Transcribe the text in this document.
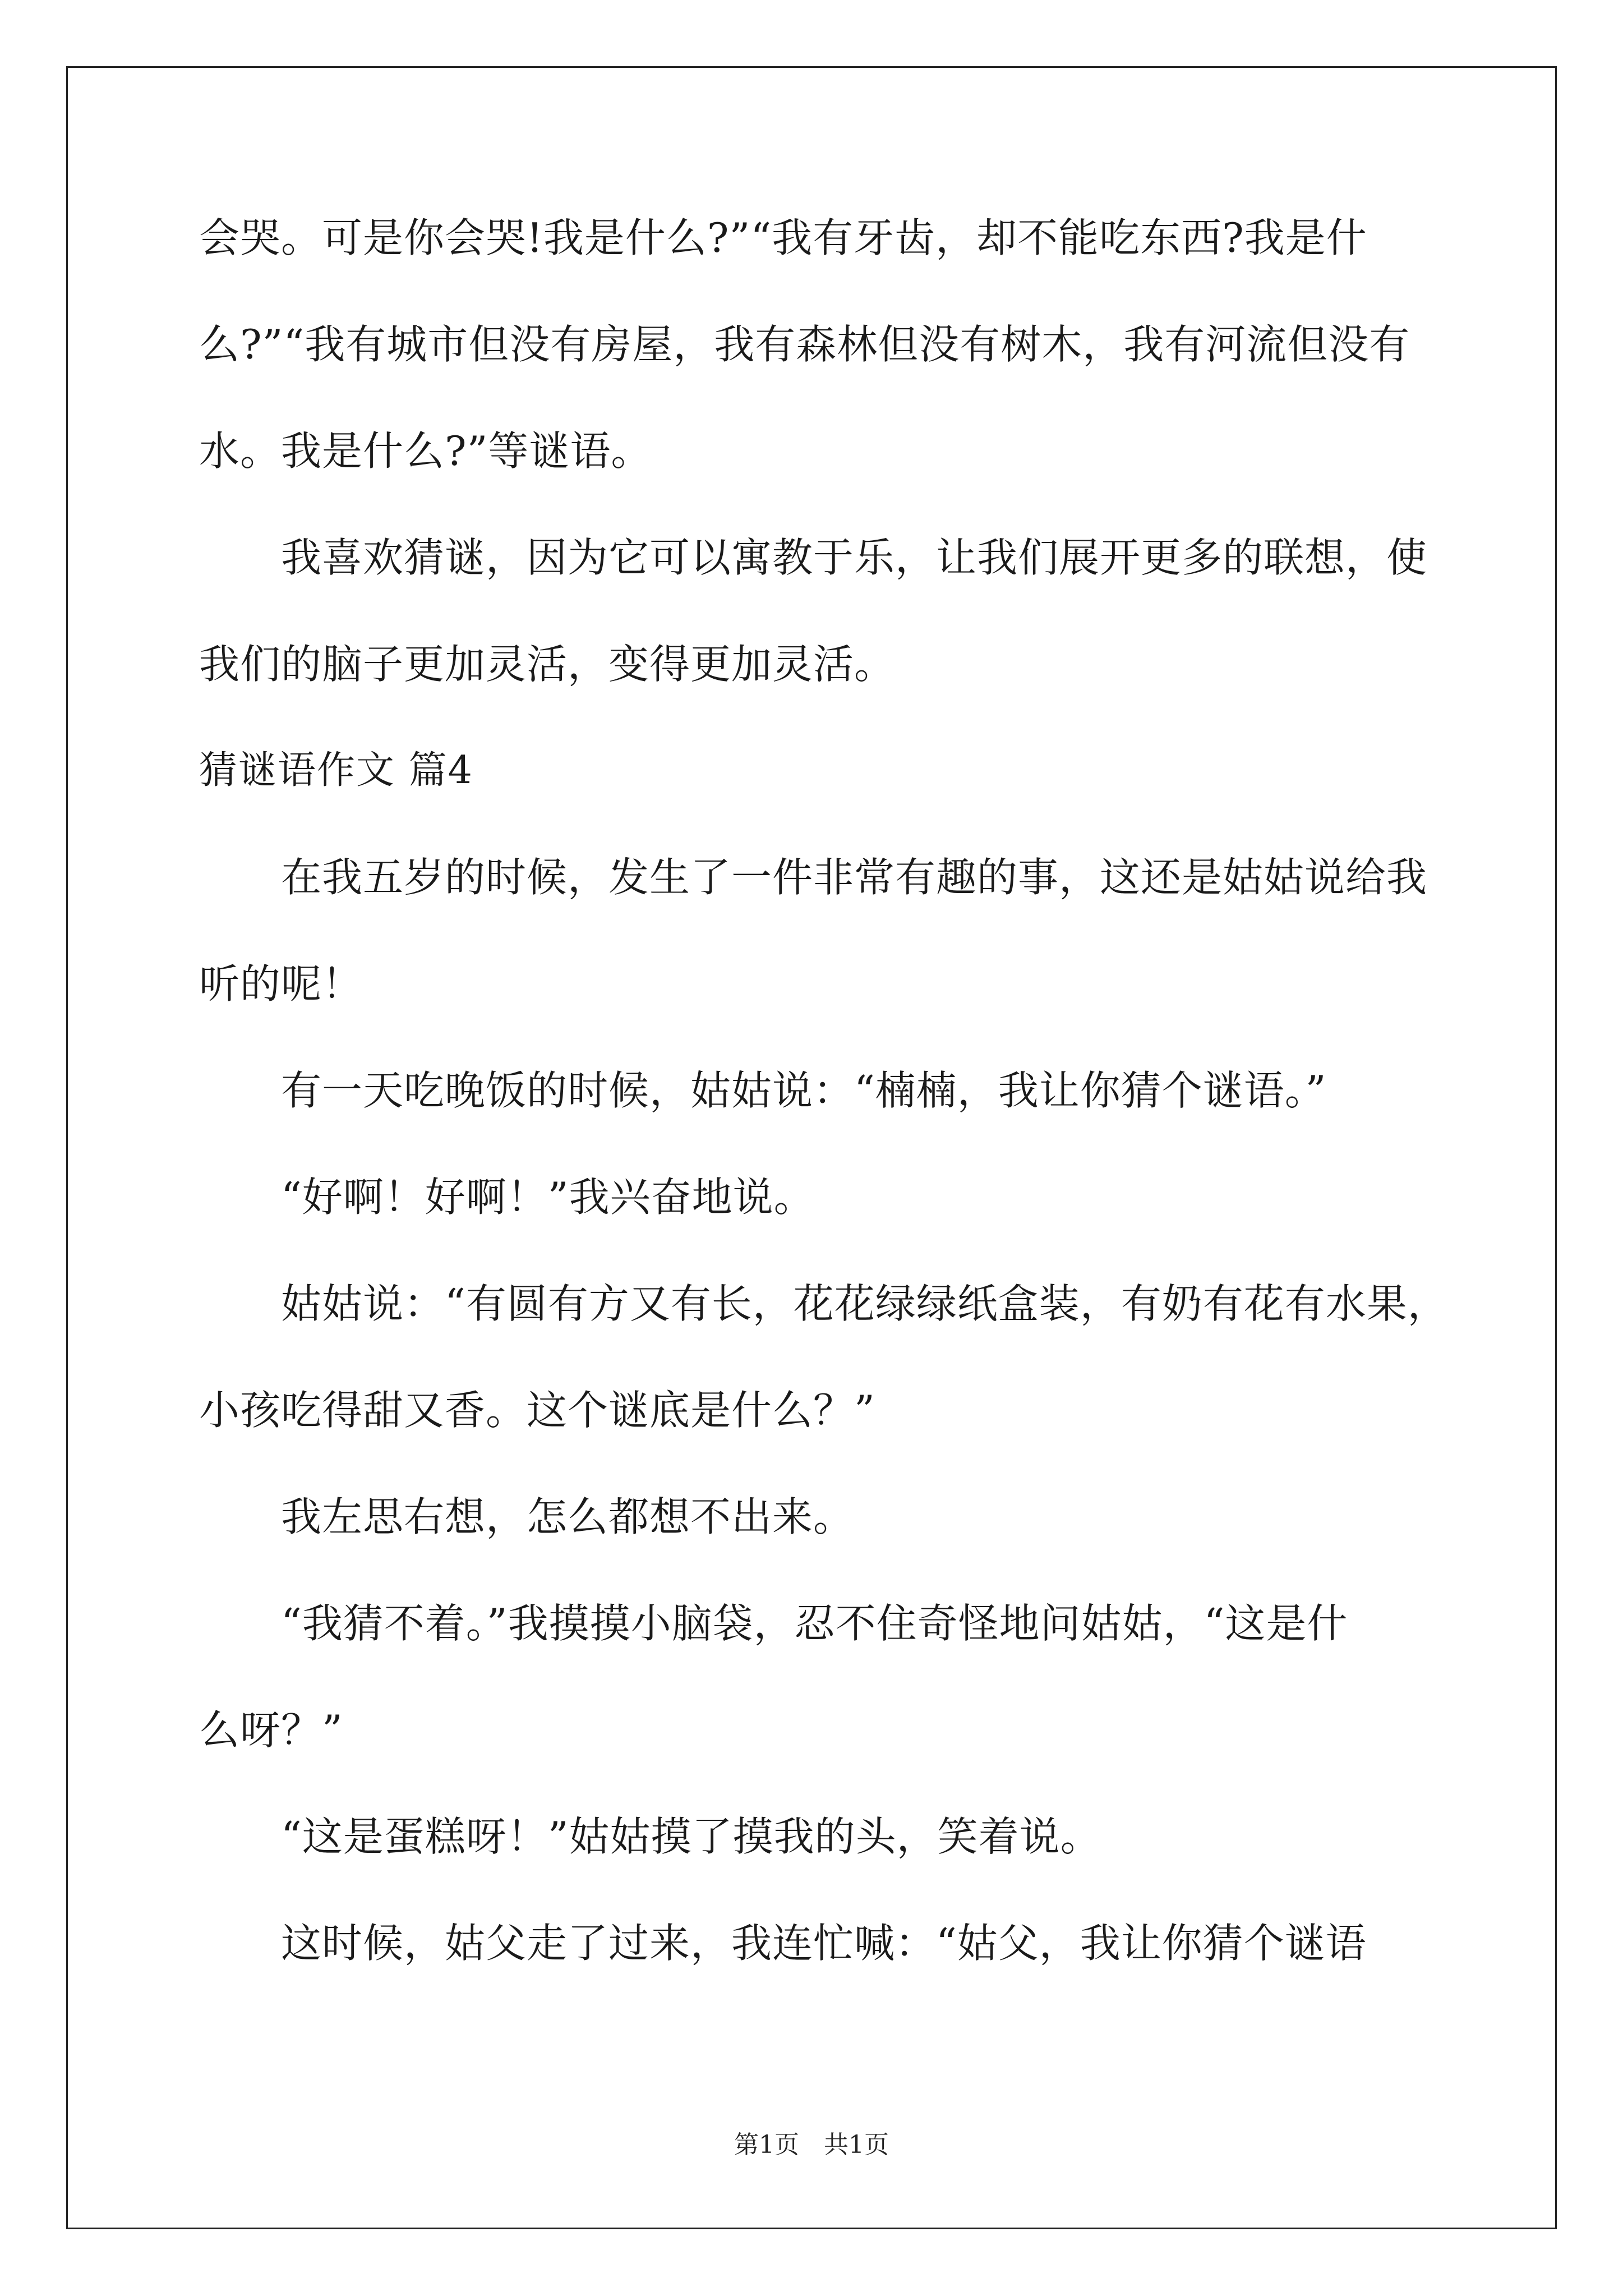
会哭。可是你会哭!我是什么?”“我有牙齿，却不能吃东西?我是什
么?”“我有城市但没有房屋，我有森林但没有树木，我有河流但没有
水。我是什么?”等谜语。
　　我喜欢猜谜，因为它可以寓教于乐，让我们展开更多的联想，使
我们的脑子更加灵活，变得更加灵活。
猜谜语作文 篇4
　　在我五岁的时候，发生了一件非常有趣的事，这还是姑姑说给我
听的呢！
　　有一天吃晚饭的时候，姑姑说：“楠楠，我让你猜个谜语。”
　　“好啊！好啊！”我兴奋地说。
　　姑姑说：“有圆有方又有长，花花绿绿纸盒装，有奶有花有水果，
小孩吃得甜又香。这个谜底是什么？”
　　我左思右想，怎么都想不出来。
　　“我猜不着。”我摸摸小脑袋，忍不住奇怪地问姑姑，“这是什
么呀？”
　　“这是蛋糕呀！”姑姑摸了摸我的头，笑着说。
　　这时候，姑父走了过来，我连忙喊：“姑父，我让你猜个谜语
第1页　共1页
